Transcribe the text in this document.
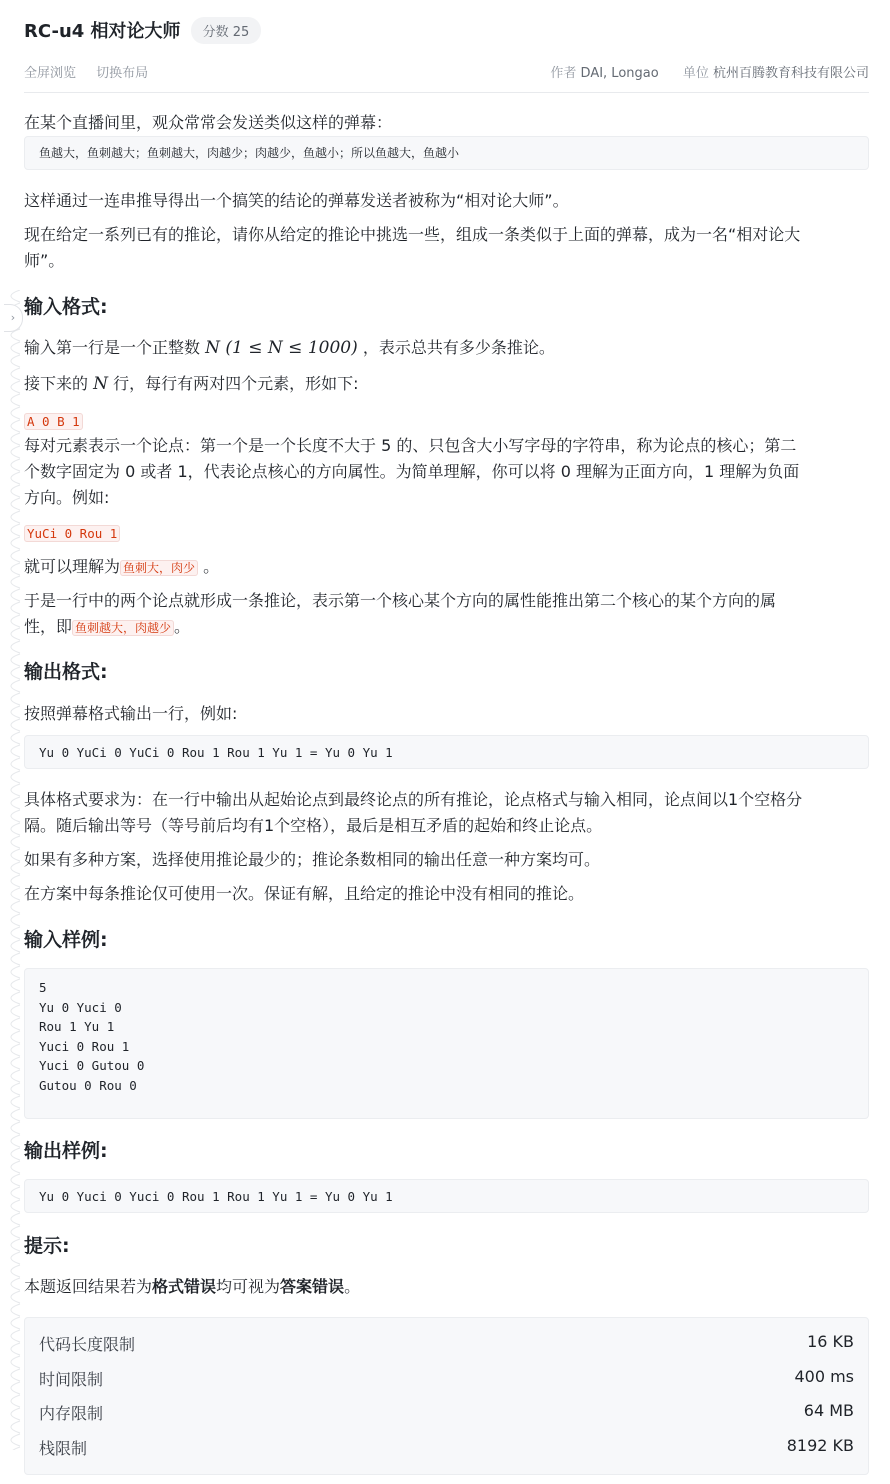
›
RC-u4 相对论大师	分数 25
全屏浏览 切换布局	作者 DAI, Longao 单位 杭州百腾教育科技有限公司
在某个直播间里，观众常常会发送类似这样的弹幕：
鱼越大，鱼刺越大；鱼刺越大，肉越少；肉越少，鱼越小；所以鱼越大，鱼越小
这样通过一连串推导得出一个搞笑的结论的弹幕发送者被称为“相对论大师”。
现在给定一系列已有的推论，请你从给定的推论中挑选一些，组成一条类似于上面的弹幕，成为一名“相对论大
师”。
输入格式:
输入第一行是一个正整数 N (1 ≤ N ≤ 1000) ，表示总共有多少条推论。
接下来的 N 行，每行有两对四个元素，形如下:
A 0 B 1
每对元素表示一个论点：第一个是一个长度不大于 5 的、只包含大小写字母的字符串，称为论点的核心；第二
个数字固定为 0 或者 1，代表论点核心的方向属性。为简单理解，你可以将 0 理解为正面方向，1 理解为负面
方向。例如:
YuCi 0 Rou 1
就可以理解为 鱼刺大，肉少 。
于是一行中的两个论点就形成一条推论，表示第一个核心某个方向的属性能推出第二个核心的某个方向的属
性，即 鱼刺越大，肉越少 。
输出格式:
按照弹幕格式输出一行，例如:
Yu 0 YuCi 0 YuCi 0 Rou 1 Rou 1 Yu 1 = Yu 0 Yu 1
具体格式要求为：在一行中输出从起始论点到最终论点的所有推论，论点格式与输入相同，论点间以1个空格分
隔。随后输出等号（等号前后均有1个空格），最后是相互矛盾的起始和终止论点。
如果有多种方案，选择使用推论最少的；推论条数相同的输出任意一种方案均可。
在方案中每条推论仅可使用一次。保证有解，且给定的推论中没有相同的推论。
输入样例:
5
Yu 0 Yuci 0
Rou 1 Yu 1
Yuci 0 Rou 1
Yuci 0 Gutou 0
Gutou 0 Rou 0
输出样例:
Yu 0 Yuci 0 Yuci 0 Rou 1 Rou 1 Yu 1 = Yu 0 Yu 1
提示:
本题返回结果若为格式错误均可视为答案错误。
代码长度限制	16 KB
时间限制	400 ms
内存限制	64 MB
栈限制	8192 KB
